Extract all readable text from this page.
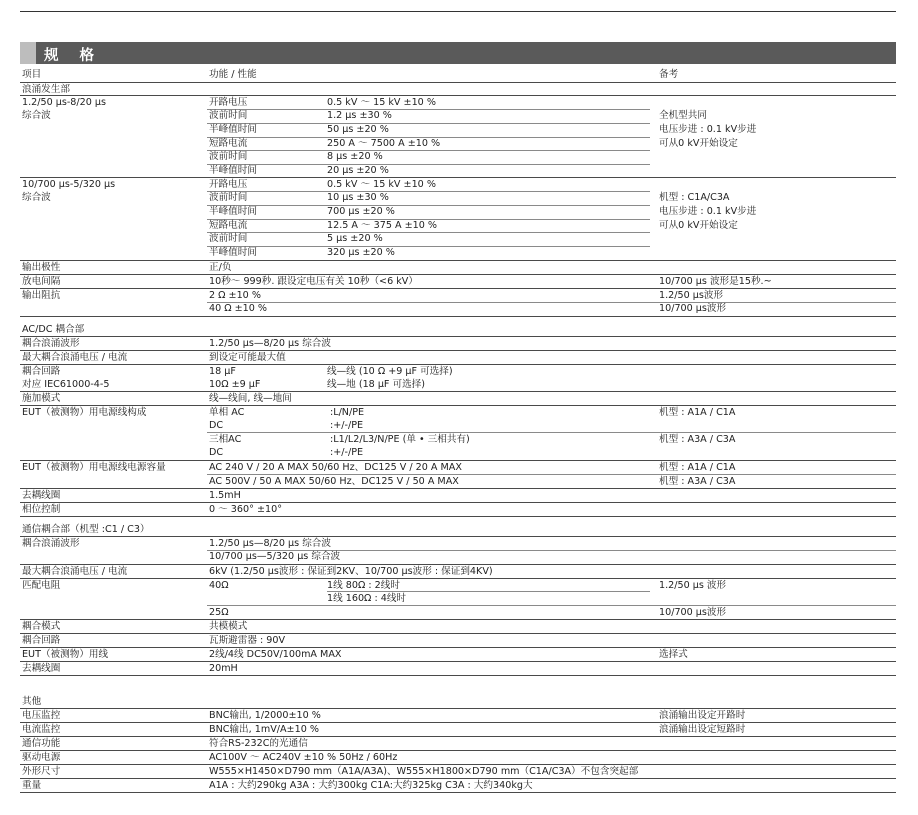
规 格
项目	功能 / 性能	备考
浪涌发生部
1.2/50 μs-8/20 μs
综合波
开路电压	0.5 kV ～ 15 kV ±10 %
波前时间	1.2 μs ±30 %
半峰值时间	50 μs ±20 %
短路电流	250 A ～ 7500 A ±10 %
波前时间	8 μs ±20 %
半峰值时间	20 μs ±20 %
全机型共同
电压步进 : 0.1 kV步进
可从0 kV开始设定
10/700 μs-5/320 μs
综合波
开路电压	0.5 kV ～ 15 kV ±10 %
波前时间	10 μs ±30 %
半峰值时间	700 μs ±20 %
短路电流	12.5 A ～ 375 A ±10 %
波前时间	5 μs ±20 %
半峰值时间	320 μs ±20 %
机型 : C1A/C3A
电压步进 : 0.1 kV步进
可从0 kV开始设定
输出极性	正/负
放电间隔	10秒～ 999秒. 跟设定电压有关 10秒（<6 kV）	10/700 μs 波形是15秒.~
输出阻抗	2 Ω ±10 %	1.2/50 μs波形
40 Ω ±10 %	10/700 μs波形
AC/DC 耦合部
耦合浪涌波形	1.2/50 μs—8/20 μs 综合波
最大耦合浪涌电压 / 电流	到设定可能最大值
耦合回路
对应 IEC61000-4-5
18 μF	线—线 (10 Ω +9 μF 可选择)
10Ω ±9 μF	线—地 (18 μF 可选择)
施加模式	线—线间, 线—地间
EUT（被测物）用电源线构成	单相 AC	:L/N/PE	机型 : A1A / C1A
DC	:+/-/PE
三相AC	:L1/L2/L3/N/PE (单 • 三相共有)	机型 : A3A / C3A
DC	:+/-/PE
EUT（被测物）用电源线电源容量	AC 240 V / 20 A MAX 50/60 Hz、DC125 V / 20 A MAX	机型 : A1A / C1A
AC 500V / 50 A MAX 50/60 Hz、DC125 V / 50 A MAX	机型 : A3A / C3A
去耦线圈	1.5mH
相位控制	0 ～ 360° ±10°
通信耦合部（机型 :C1 / C3）
耦合浪涌波形	1.2/50 μs—8/20 μs 综合波
10/700 μs—5/320 μs 综合波
最大耦合浪涌电压 / 电流	6kV (1.2/50 μs波形 : 保证到2KV、10/700 μs波形 : 保证到4KV)
匹配电阻	40Ω	1线 80Ω : 2线时	1.2/50 μs 波形
1线 160Ω : 4线时
25Ω	10/700 μs波形
耦合模式	共模模式
耦合回路	瓦斯避雷器 : 90V
EUT（被测物）用线	2线/4线 DC50V/100mA MAX	选择式
去耦线圈	20mH
其他
电压监控	BNC输出, 1/2000±10 %	浪涌输出设定开路时
电流监控	BNC输出, 1mV/A±10 %	浪涌输出设定短路时
通信功能	符合RS-232C的光通信
驱动电源	AC100V ～ AC240V ±10 % 50Hz / 60Hz
外形尺寸	W555×H1450×D790 mm（A1A/A3A)、W555×H1800×D790 mm（C1A/C3A）不包含突起部
重量	A1A : 大约290kg A3A : 大约300kg C1A:大约325kg C3A : 大约340kg大
